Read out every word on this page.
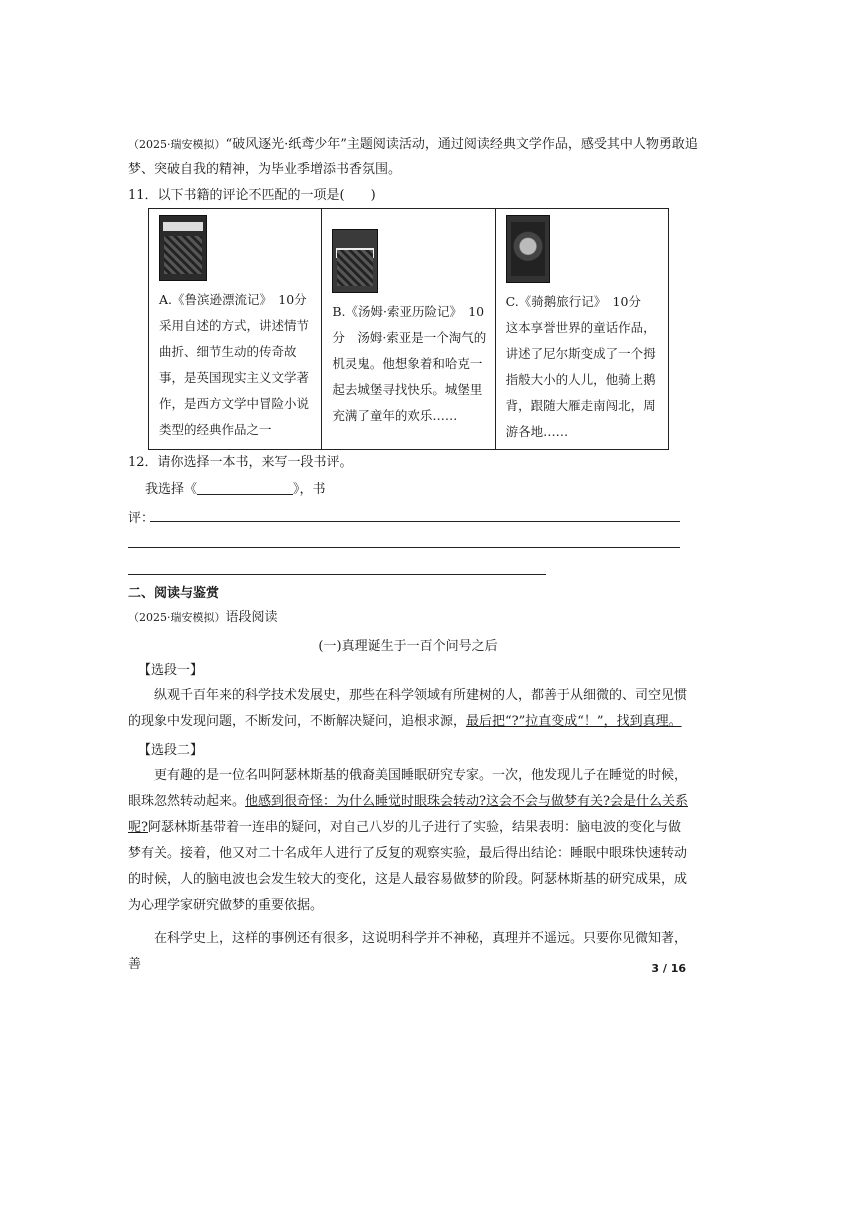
（2025·瑞安模拟）“破风逐光·纸鸢少年”主题阅读活动，通过阅读经典文学作品，感受其中人物勇敢追
梦、突破自我的精神，为毕业季增添书香氛围。
11．以下书籍的评论不匹配的一项是(　　)
A.《鲁滨逊漂流记》　10分采用自述的方式，讲述情节曲折、细节生动的传奇故事，是英国现实主义文学著作，是西方文学中冒险小说类型的经典作品之一

B.《汤姆·索亚历险记》　10分　汤姆·索亚是一个淘气的机灵鬼。他想象着和哈克一起去城堡寻找快乐。城堡里充满了童年的欢乐……

C.《骑鹅旅行记》　10分　这本享誉世界的童话作品，讲述了尼尔斯变成了一个拇指般大小的人儿，他骑上鹅背，跟随大雁走南闯北，周游各地……
12．请你选择一本书，来写一段书评。
我选择《	》，书
评：
二、阅读与鉴赏
（2025·瑞安模拟）语段阅读
(一)真理诞生于一百个问号之后
【选段一】
纵观千百年来的科学技术发展史，那些在科学领域有所建树的人，都善于从细微的、司空见惯的现象中发现问题，不断发问，不断解决疑问，追根求源，最后把“?”拉直变成“！”，找到真理。
【选段二】
更有趣的是一位名叫阿瑟林斯基的俄裔美国睡眠研究专家。一次，他发现儿子在睡觉的时候，眼珠忽然转动起来。他感到很奇怪：为什么睡觉时眼珠会转动?这会不会与做梦有关?会是什么关系呢?阿瑟林斯基带着一连串的疑问，对自己八岁的儿子进行了实验，结果表明：脑电波的变化与做梦有关。接着，他又对二十名成年人进行了反复的观察实验，最后得出结论：睡眠中眼珠快速转动的时候，人的脑电波也会发生较大的变化，这是人最容易做梦的阶段。阿瑟林斯基的研究成果，成为心理学家研究做梦的重要依据。
在科学史上，这样的事例还有很多，这说明科学并不神秘，真理并不遥远。只要你见微知著，善	3 / 16
